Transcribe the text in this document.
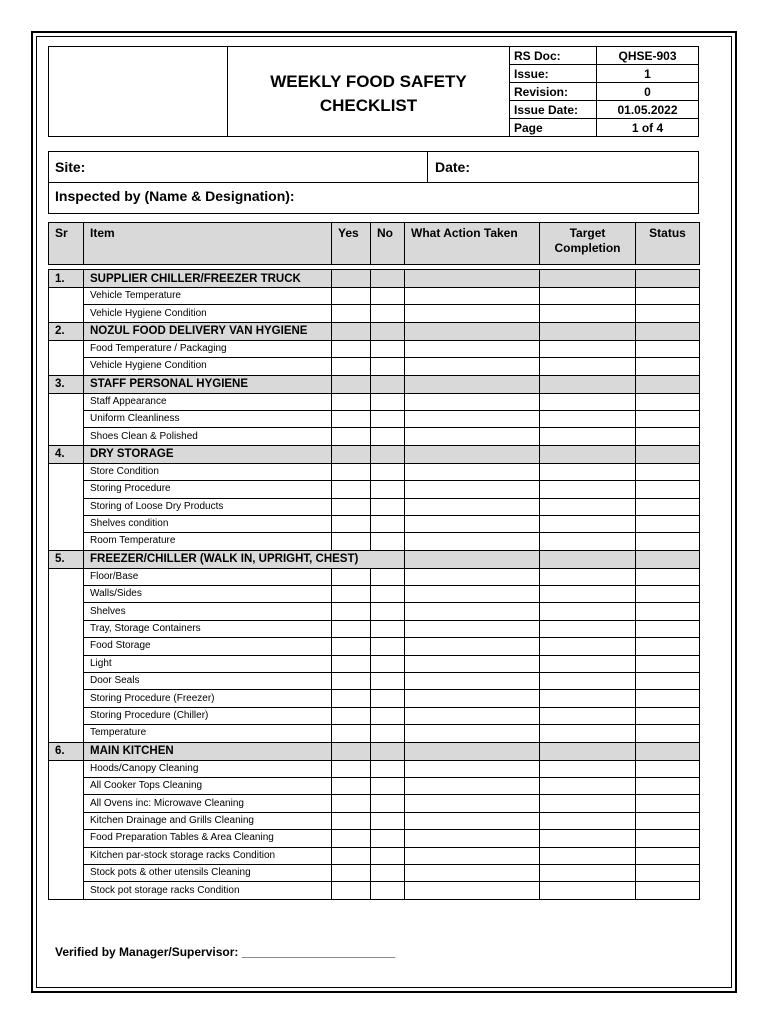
	WEEKLY FOOD SAFETY
CHECKLIST	RS Doc:	QHSE-903
		Issue:	1
		Revision:	0
		Issue Date:	01.05.2022
		Page	1 of 4
Site:	Date:
Inspected by (Name & Designation):
Sr	Item	Yes	No	What Action Taken	Target Completion	Status

1.	SUPPLIER CHILLER/FREEZER TRUCK					
	Vehicle Temperature					
	Vehicle Hygiene Condition					
2.	NOZUL FOOD DELIVERY VAN HYGIENE					
	Food Temperature / Packaging					
	Vehicle Hygiene Condition					
3.	STAFF PERSONAL HYGIENE					
	Staff Appearance					
	Uniform Cleanliness					
	Shoes Clean & Polished					
4.	DRY STORAGE					
	Store Condition					
	Storing Procedure					
	Storing of Loose Dry Products					
	Shelves condition					
	Room Temperature					
5.	FREEZER/CHILLER (WALK IN, UPRIGHT, CHEST)					
	Floor/Base					
	Walls/Sides					
	Shelves					
	Tray, Storage Containers					
	Food Storage					
	Light					
	Door Seals					
	Storing Procedure (Freezer)					
	Storing Procedure (Chiller)					
	Temperature					
6.	MAIN KITCHEN					
	Hoods/Canopy Cleaning					
	All Cooker Tops Cleaning					
	All Ovens inc: Microwave Cleaning					
	Kitchen Drainage and Grills Cleaning					
	Food Preparation Tables & Area Cleaning					
	Kitchen par-stock storage racks Condition					
	Stock pots & other utensils Cleaning					
	Stock pot storage racks Condition					
Verified by Manager/Supervisor: _______________________
